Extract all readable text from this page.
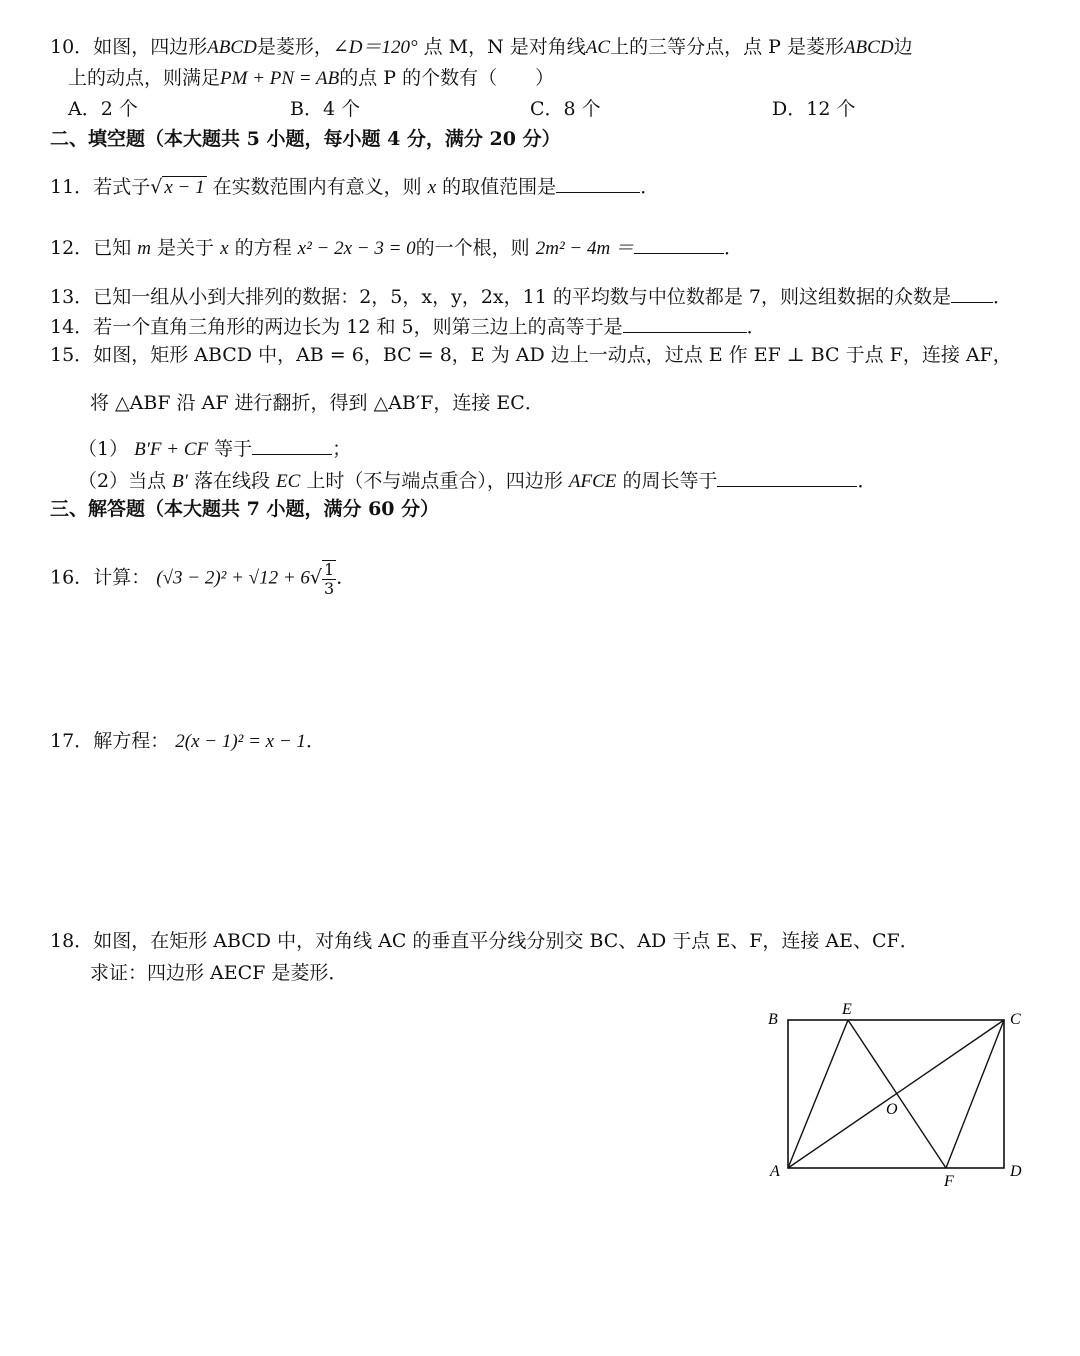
10．如图，四边形ABCD是菱形，∠D＝120° 点 M，N 是对角线AC上的三等分点，点 P 是菱形ABCD边
上的动点，则满足PM + PN = AB的点 P 的个数有（　　）
A．2 个	B．4 个	C．8 个	D．12 个
二、填空题（本大题共 5 小题，每小题 4 分，满分 20 分）
11．若式子√ x − 1 在实数范围内有意义，则 x 的取值范围是	．
12．已知 m 是关于 x 的方程 x² − 2x − 3 = 0的一个根，则 2m² − 4m ＝	．
13．已知一组从小到大排列的数据：2，5，x，y，2x，11 的平均数与中位数都是 7，则这组数据的众数是 ．
14．若一个直角三角形的两边长为 12 和 5，则第三边上的高等于是	．
15．如图，矩形 ABCD 中，AB = 6，BC = 8，E 为 AD 边上一动点，过点 E 作 EF ⊥ BC 于点 F，连接 AF，
将 △ABF 沿 AF 进行翻折，得到 △AB′F，连接 EC．
（1） B′F + CF 等于	；
（2）当点 B′ 落在线段 EC 上时（不与端点重合），四边形 AFCE 的周长等于	．
三、解答题（本大题共 7 小题，满分 60 分）
16．计算： $(√3 - 2)^2 + √12 + 6√ \frac{1}{3}$ ．
17．解方程： 2(x − 1)² = x − 1．
18．如图，在矩形 ABCD 中，对角线 AC 的垂直平分线分别交 BC、AD 于点 E、F，连接 AE、CF．
求证：四边形 AECF 是菱形．
B
E
C
O
A
F
D
